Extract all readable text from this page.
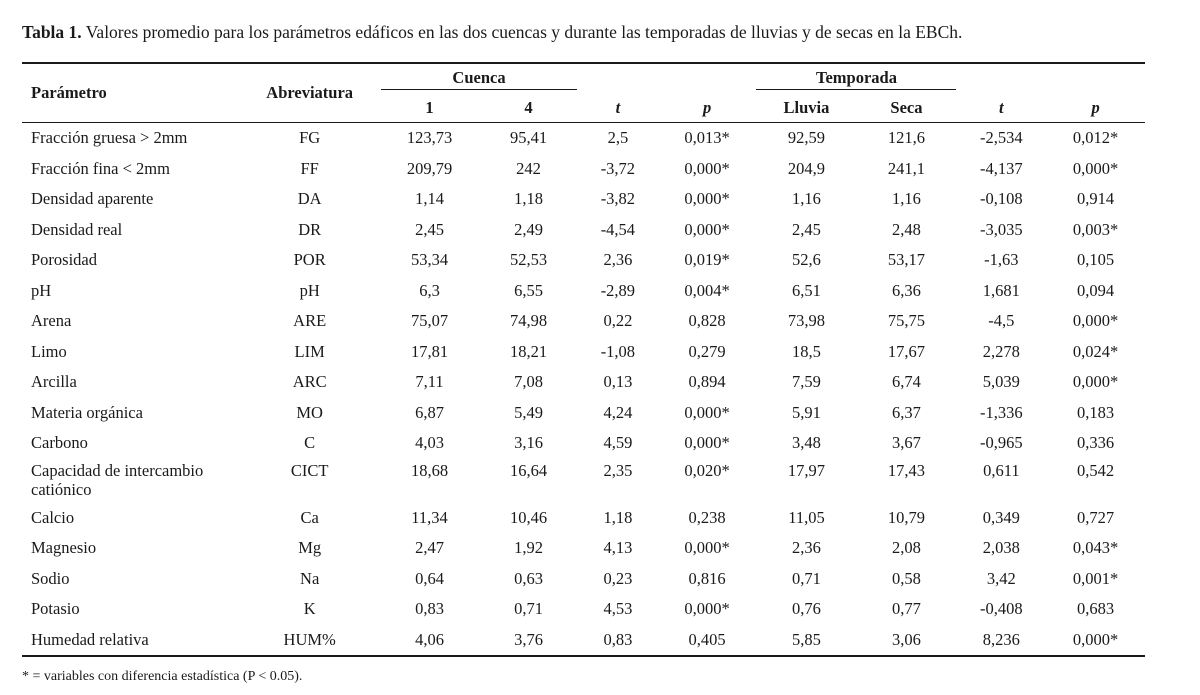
Tabla 1. Valores promedio para los parámetros edáficos en las dos cuencas y durante las temporadas de lluvias y de secas en la EBCh.
Parámetro	Abreviatura	Cuenca				Temporada	

		1	4	t	p	Lluvia	Seca	t	p
Fracción gruesa > 2mm	FG	123,73	95,41	2,5	0,013*	92,59	121,6	-2,534	0,012*
Fracción fina < 2mm	FF	209,79	242	-3,72	0,000*	204,9	241,1	-4,137	0,000*
Densidad aparente	DA	1,14	1,18	-3,82	0,000*	1,16	1,16	-0,108	0,914
Densidad real	DR	2,45	2,49	-4,54	0,000*	2,45	2,48	-3,035	0,003*
Porosidad	POR	53,34	52,53	2,36	0,019*	52,6	53,17	-1,63	0,105
pH	pH	6,3	6,55	-2,89	0,004*	6,51	6,36	1,681	0,094
Arena	ARE	75,07	74,98	0,22	0,828	73,98	75,75	-4,5	0,000*
Limo	LIM	17,81	18,21	-1,08	0,279	18,5	17,67	2,278	0,024*
Arcilla	ARC	7,11	7,08	0,13	0,894	7,59	6,74	5,039	0,000*
Materia orgánica	MO	6,87	5,49	4,24	0,000*	5,91	6,37	-1,336	0,183
Carbono	C	4,03	3,16	4,59	0,000*	3,48	3,67	-0,965	0,336
Capacidad de intercambio
catiónico	CICT	18,68	16,64	2,35	0,020*	17,97	17,43	0,611	0,542
Calcio	Ca	11,34	10,46	1,18	0,238	11,05	10,79	0,349	0,727
Magnesio	Mg	2,47	1,92	4,13	0,000*	2,36	2,08	2,038	0,043*
Sodio	Na	0,64	0,63	0,23	0,816	0,71	0,58	3,42	0,001*
Potasio	K	0,83	0,71	4,53	0,000*	0,76	0,77	-0,408	0,683
Humedad relativa	HUM%	4,06	3,76	0,83	0,405	5,85	3,06	8,236	0,000*
* = variables con diferencia estadística (P < 0.05).
